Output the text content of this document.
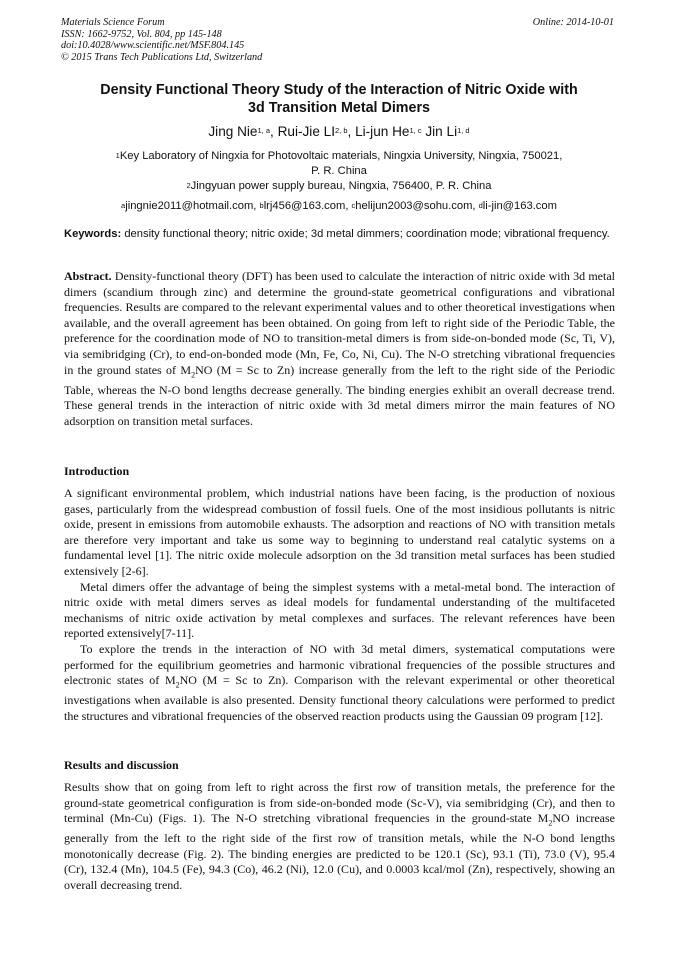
Materials Science Forum
ISSN: 1662-9752, Vol. 804, pp 145-148
doi:10.4028/www.scientific.net/MSF.804.145
© 2015 Trans Tech Publications Ltd, Switzerland
Online: 2014-10-01
Density Functional Theory Study of the Interaction of Nitric Oxide with
3d Transition Metal Dimers
Jing Nie$^{1, a}$, Rui-Jie LI$^{2, b}$, Li-jun He$^{1, c}$ Jin Li$^{1, d}$
$^1$Key Laboratory of Ningxia for Photovoltaic materials, Ningxia University, Ningxia, 750021,
P. R. China
$^2$Jingyuan power supply bureau, Ningxia, 756400, P. R. China
$^a$jingnie2011@hotmail.com, $^b$lrj456@163.com, $^c$helijun2003@sohu.com, $^d$li-jin@163.com
Keywords: density functional theory; nitric oxide; 3d metal dimmers; coordination mode; vibrational frequency.
Abstract. Density-functional theory (DFT) has been used to calculate the interaction of nitric oxide with 3d metal dimers (scandium through zinc) and determine the ground-state geometrical configurations and vibrational frequencies. Results are compared to the relevant experimental values and to other theoretical investigations when available, and the overall agreement has been obtained. On going from left to right side of the Periodic Table, the preference for the coordination mode of NO to transition-metal dimers is from side-on-bonded mode (Sc, Ti, V), via semibridging (Cr), to end-on-bonded mode (Mn, Fe, Co, Ni, Cu). The N-O stretching vibrational frequencies in the ground states of $M_2NO$ (M = Sc to Zn) increase generally from the left to the right side of the Periodic Table, whereas the N-O bond lengths decrease generally. The binding energies exhibit an overall decrease trend. These general trends in the interaction of nitric oxide with 3d metal dimers mirror the main features of NO adsorption on transition metal surfaces.
Introduction

A significant environmental problem, which industrial nations have been facing, is the production of noxious gases, particularly from the widespread combustion of fossil fuels. One of the most insidious pollutants is nitric oxide, present in emissions from automobile exhausts. The adsorption and reactions of NO with transition metals are therefore very important and take us some way to beginning to understand real catalytic systems on a fundamental level [1]. The nitric oxide molecule adsorption on the 3d transition metal surfaces has been studied extensively [2-6].

Metal dimers offer the advantage of being the simplest systems with a metal-metal bond. The interaction of nitric oxide with metal dimers serves as ideal models for fundamental understanding of the multifaceted mechanisms of nitric oxide activation by metal complexes and surfaces. The relevant references have been reported extensively[7-11].

To explore the trends in the interaction of NO with 3d metal dimers, systematical computations were performed for the equilibrium geometries and harmonic vibrational frequencies of the possible structures and electronic states of $M_2NO$ (M = Sc to Zn). Comparison with the relevant experimental or other theoretical investigations when available is also presented. Density functional theory calculations were performed to predict the structures and vibrational frequencies of the observed reaction products using the Gaussian 09 program [12].

Results and discussion

Results show that on going from left to right across the first row of transition metals, the preference for the ground-state geometrical configuration is from side-on-bonded mode (Sc-V), via semibridging (Cr), and then to terminal (Mn-Cu) (Figs. 1). The N-O stretching vibrational frequencies in the ground-state $M_2NO$ increase generally from the left to the right side of the first row of transition metals, while the N-O bond lengths monotonically decrease (Fig. 2). The binding energies are predicted to be 120.1 (Sc), 93.1 (Ti), 73.0 (V), 95.4 (Cr), 132.4 (Mn), 104.5 (Fe), 94.3 (Co), 46.2 (Ni), 12.0 (Cu), and 0.0003 kcal/mol (Zn), respectively, showing an overall decreasing trend.
